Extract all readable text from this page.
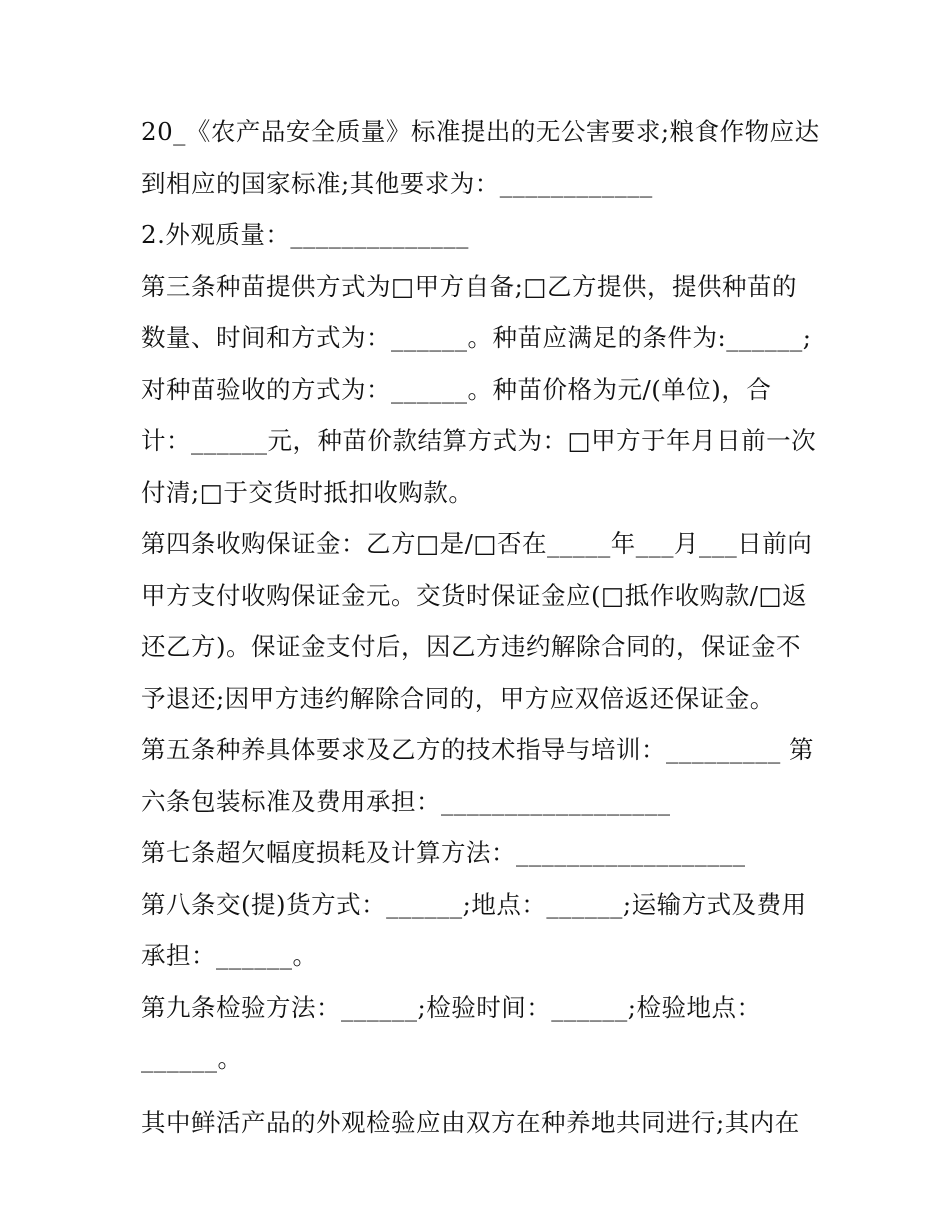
20_《农产品安全质量》标准提出的无公害要求;粮食作物应达
到相应的国家标准;其他要求为：____________
2.外观质量：______________
第三条种苗提供方式为□甲方自备;□乙方提供，提供种苗的
数量、时间和方式为：______。种苗应满足的条件为:______;
对种苗验收的方式为：______。种苗价格为元/(单位)，合
计：______元，种苗价款结算方式为：□甲方于年月日前一次
付清;□于交货时抵扣收购款。
第四条收购保证金：乙方□是/□否在_____年___月___日前向
甲方支付收购保证金元。交货时保证金应(□抵作收购款/□返
还乙方)。保证金支付后，因乙方违约解除合同的，保证金不
予退还;因甲方违约解除合同的，甲方应双倍返还保证金。
第五条种养具体要求及乙方的技术指导与培训：_________ 第
六条包装标准及费用承担：__________________
第七条超欠幅度损耗及计算方法：__________________
第八条交(提)货方式：______;地点：______;运输方式及费用
承担：______。
第九条检验方法：______;检验时间：______;检验地点：
______。
其中鲜活产品的外观检验应由双方在种养地共同进行;其内在
